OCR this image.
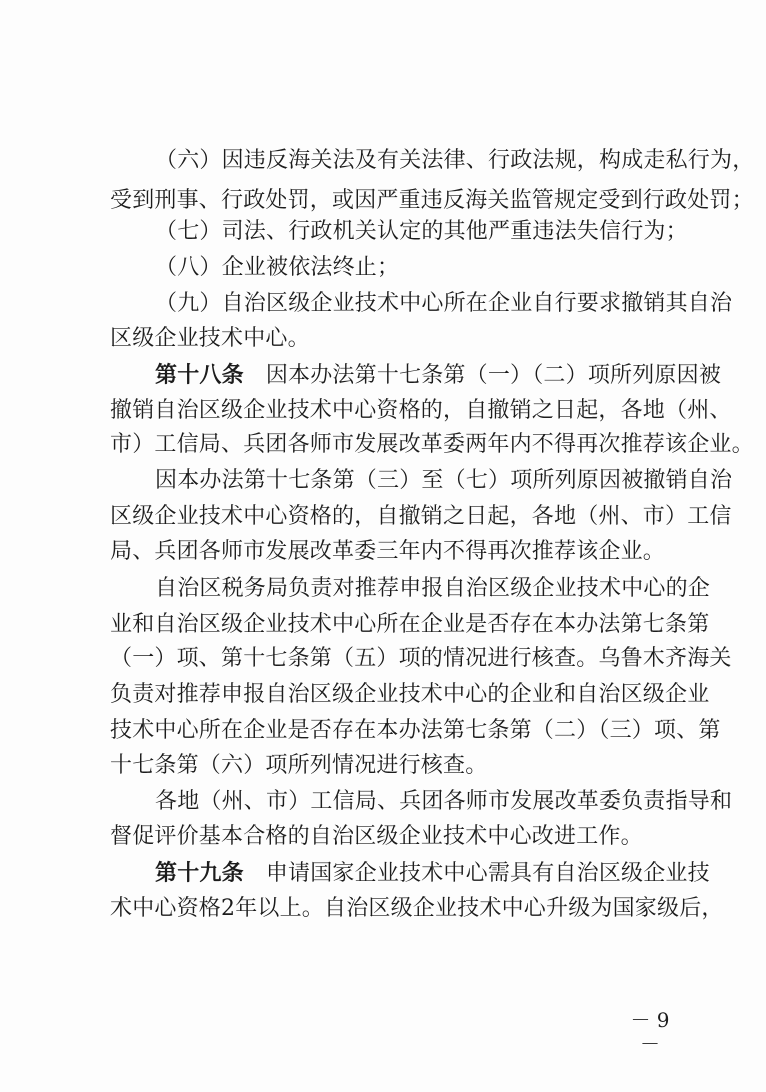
（六）因违反海关法及有关法律、行政法规，构成走私行为，
受到刑事、行政处罚，或因严重违反海关监管规定受到行政处罚；
（七）司法、行政机关认定的其他严重违法失信行为；
（八）企业被依法终止；
（九）自治区级企业技术中心所在企业自行要求撤销其自治
区级企业技术中心。
第十八条 因本办法第十七条第（一）（二）项所列原因被
撤销自治区级企业技术中心资格的，自撤销之日起，各地（州、
市）工信局、兵团各师市发展改革委两年内不得再次推荐该企业。
因本办法第十七条第（三）至（七）项所列原因被撤销自治
区级企业技术中心资格的，自撤销之日起，各地（州、市）工信
局、兵团各师市发展改革委三年内不得再次推荐该企业。
自治区税务局负责对推荐申报自治区级企业技术中心的企
业和自治区级企业技术中心所在企业是否存在本办法第七条第
（一）项、第十七条第（五）项的情况进行核查。乌鲁木齐海关
负责对推荐申报自治区级企业技术中心的企业和自治区级企业
技术中心所在企业是否存在本办法第七条第（二）（三）项、第
十七条第（六）项所列情况进行核查。
各地（州、市）工信局、兵团各师市发展改革委负责指导和
督促评价基本合格的自治区级企业技术中心改进工作。
第十九条 申请国家企业技术中心需具有自治区级企业技
术中心资格2年以上。自治区级企业技术中心升级为国家级后，
－ 9 －
